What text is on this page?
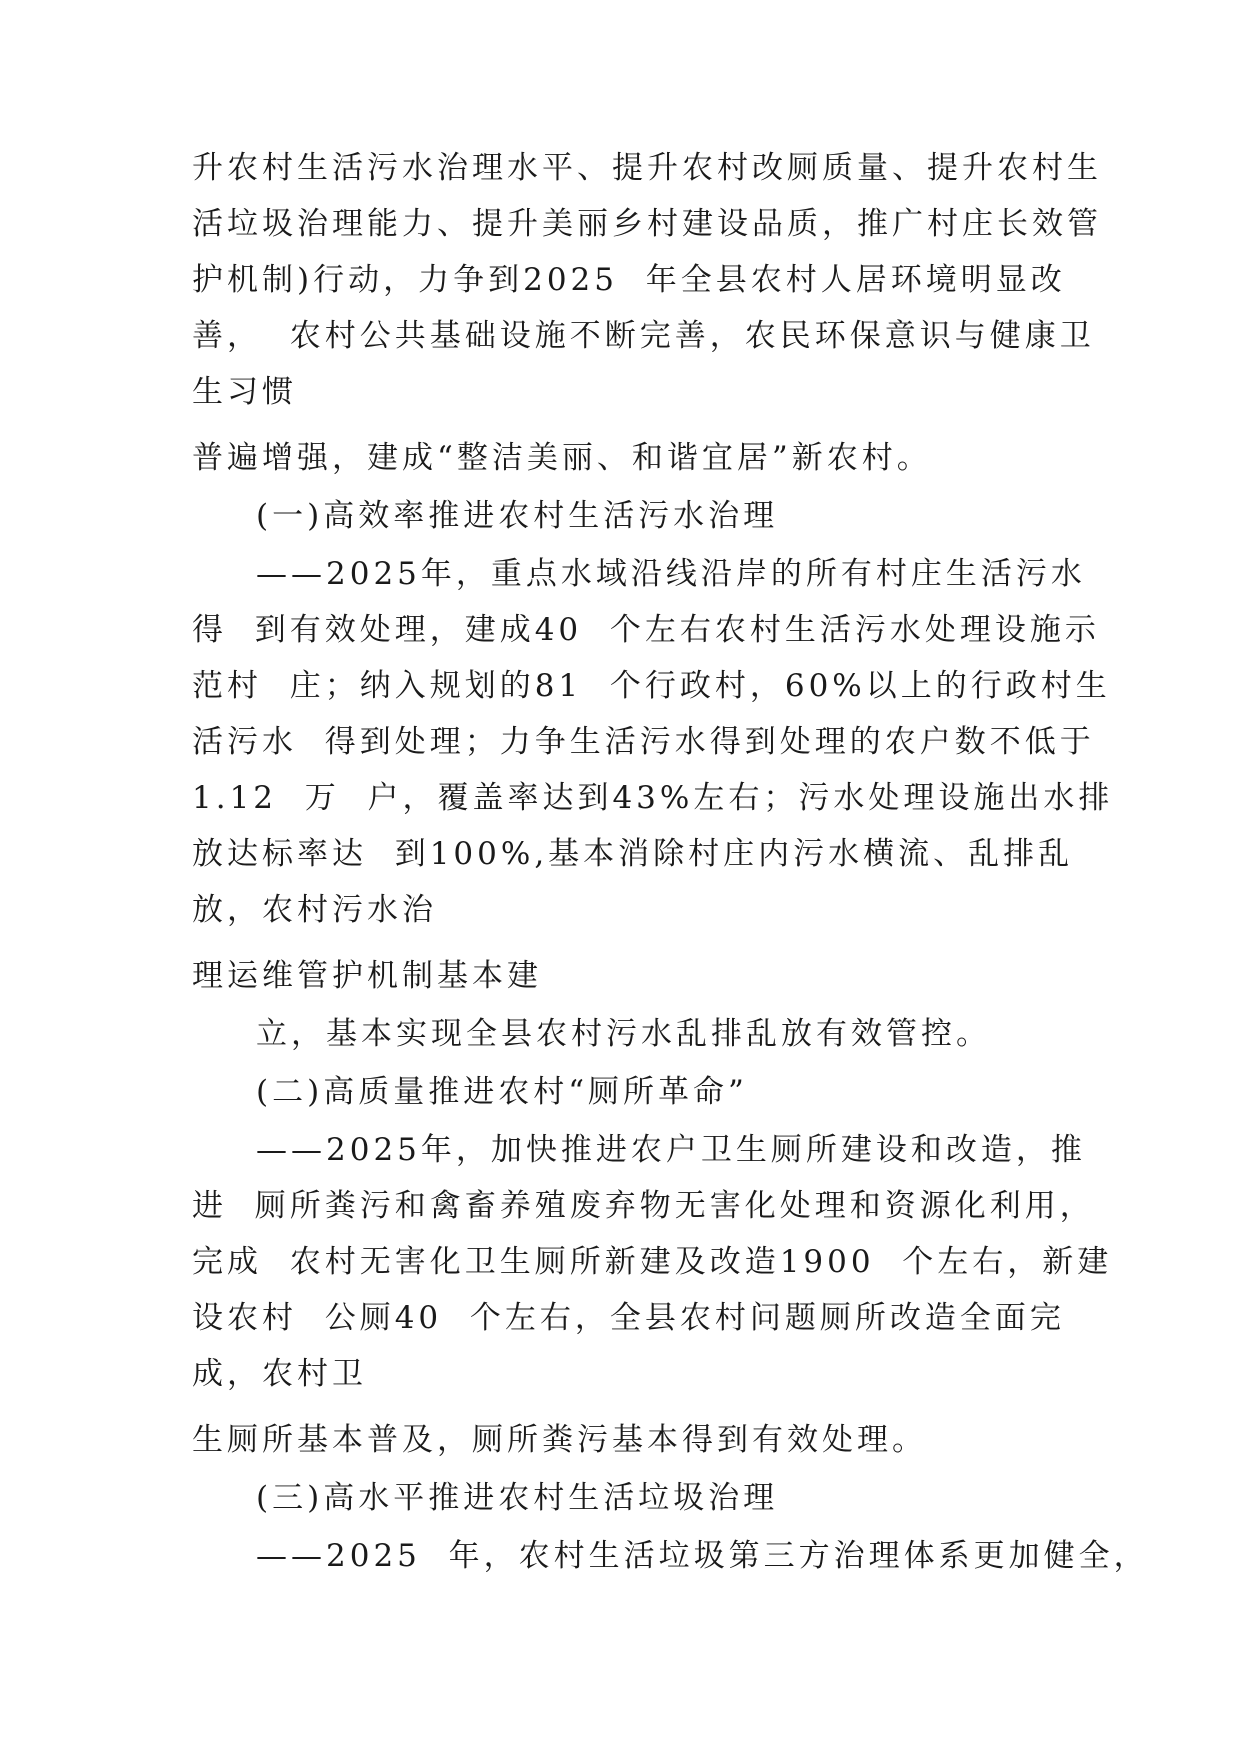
升农村生活污水治理水平、提升农村改厕质量、提升农村生
活垃圾治理能力、提升美丽乡村建设品质，推广村庄长效管
护机制)行动，力争到2025  年全县农村人居环境明显改
善，  农村公共基础设施不断完善，农民环保意识与健康卫
生习惯
普遍增强，建成“整洁美丽、和谐宜居”新农村。
(一)高效率推进农村生活污水治理
——2025年，重点水域沿线沿岸的所有村庄生活污水
得  到有效处理，建成40  个左右农村生活污水处理设施示
范村  庄；纳入规划的81  个行政村，60%以上的行政村生
活污水  得到处理；力争生活污水得到处理的农户数不低于
1.12  万  户，覆盖率达到43%左右；污水处理设施出水排
放达标率达  到100%,基本消除村庄内污水横流、乱排乱
放，农村污水治
理运维管护机制基本建
立，基本实现全县农村污水乱排乱放有效管控。
(二)高质量推进农村“厕所革命”
——2025年，加快推进农户卫生厕所建设和改造，推
进  厕所粪污和禽畜养殖废弃物无害化处理和资源化利用，
完成  农村无害化卫生厕所新建及改造1900  个左右，新建
设农村  公厕40  个左右，全县农村问题厕所改造全面完
成，农村卫
生厕所基本普及，厕所粪污基本得到有效处理。
(三)高水平推进农村生活垃圾治理
——2025  年，农村生活垃圾第三方治理体系更加健全，
